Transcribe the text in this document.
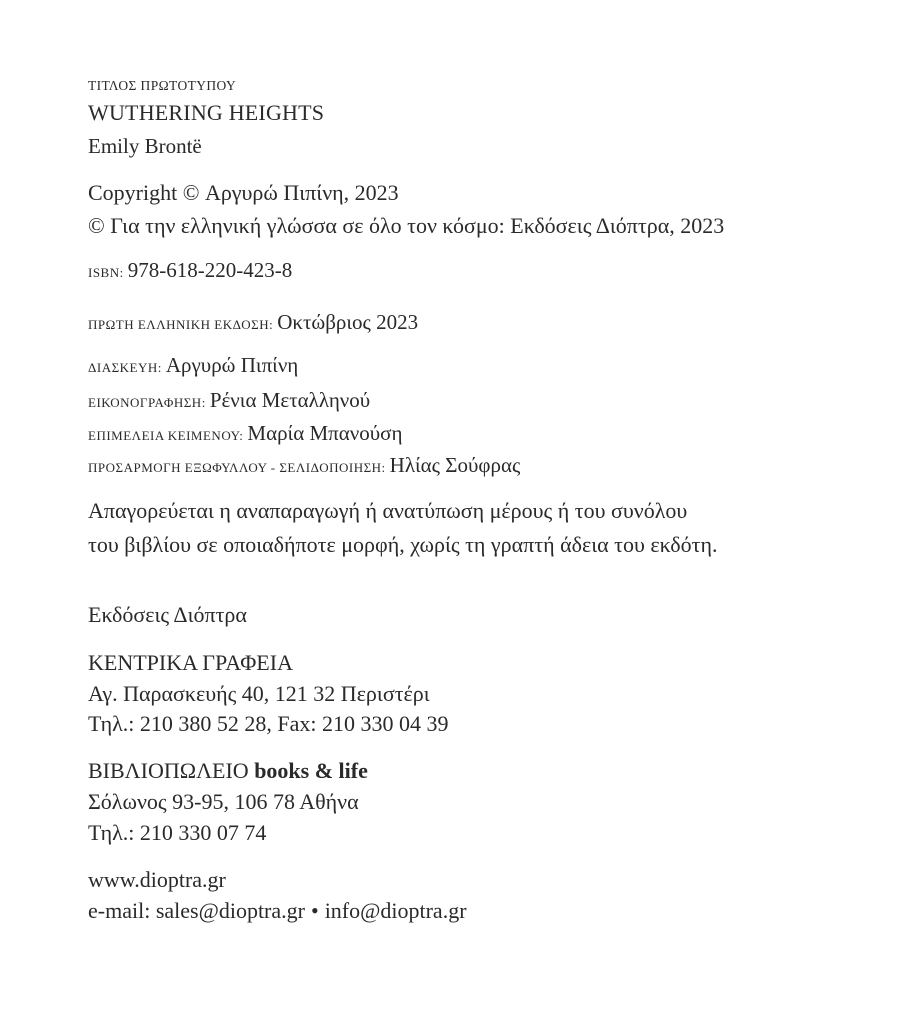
ΤΙΤΛΟΣ ΠΡΩΤΟΤΥΠΟΥ
WUTHERING HEIGHTS
Emily Brontë
Copyright © Αργυρώ Πιπίνη, 2023
© Για την ελληνική γλώσσα σε όλο τον κόσμο: Εκδόσεις Διόπτρα, 2023
ISBN: 978-618-220-423-8
ΠΡΩΤΗ ΕΛΛΗΝΙΚΗ ΕΚΔΟΣΗ: Οκτώβριος 2023
ΔΙΑΣΚΕΥΗ: Αργυρώ Πιπίνη
ΕΙΚΟΝΟΓΡΑΦΗΣΗ: Ρένια Μεταλληνού
ΕΠΙΜΕΛΕΙΑ ΚΕΙΜΕΝΟΥ: Μαρία Μπανούση
ΠΡΟΣΑΡΜΟΓΗ ΕΞΩΦΥΛΛΟΥ - ΣΕΛΙΔΟΠΟΙΗΣΗ: Ηλίας Σούφρας
Απαγορεύεται η αναπαραγωγή ή ανατύπωση μέρους ή του συνόλου
του βιβλίου σε οποιαδήποτε μορφή, χωρίς τη γραπτή άδεια του εκδότη.
Εκδόσεις Διόπτρα
ΚΕΝΤΡΙΚΑ ΓΡΑΦΕΙΑ
Αγ. Παρασκευής 40, 121 32 Περιστέρι
Τηλ.: 210 380 52 28, Fax: 210 330 04 39
ΒΙΒΛΙΟΠΩΛΕΙΟ books & life
Σόλωνος 93-95, 106 78 Αθήνα
Τηλ.: 210 330 07 74
www.dioptra.gr
e-mail: sales@dioptra.gr • info@dioptra.gr
